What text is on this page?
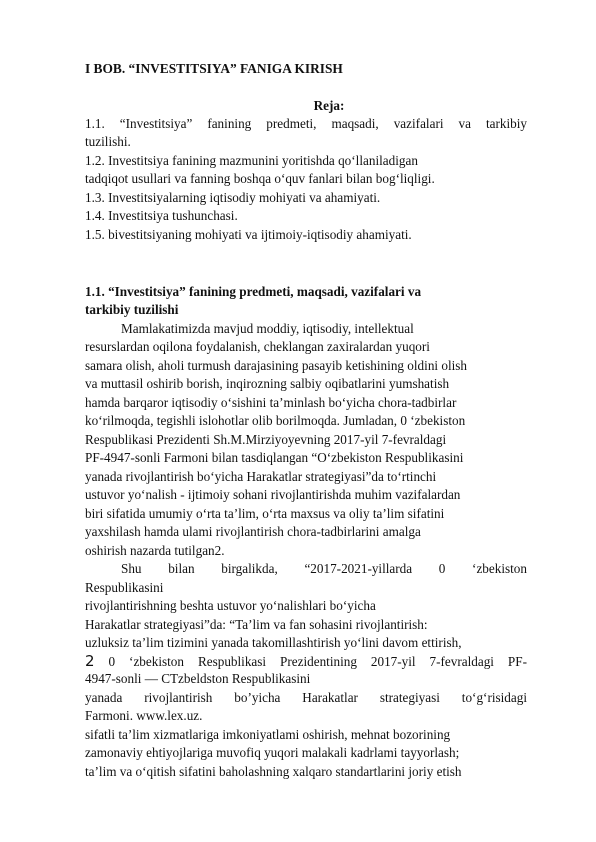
I BOB. “INVESTITSIYA” FANIGA KIRISH
Reja:
1.1. “Investitsiya” fanining predmeti, maqsadi, vazifalari va tarkibiy
tuzilishi.
1.2. Investitsiya fanining mazmunini yoritishda qo‘llaniladigan
tadqiqot usullari va fanning boshqa o‘quv fanlari bilan bog‘liqligi.
1.3. Investitsiyalarning iqtisodiy mohiyati va ahamiyati.
1.4. Investitsiya tushunchasi.
1.5. bivestitsiyaning mohiyati va ijtimoiy-iqtisodiy ahamiyati.
1.1. “Investitsiya” fanining predmeti, maqsadi, vazifalari va
tarkibiy tuzilishi
Mamlakatimizda mavjud moddiy, iqtisodiy, intellektual
resurslardan oqilona foydalanish, cheklangan zaxiralardan yuqori
samara olish, aholi turmush darajasining pasayib ketishining oldini olish
va muttasil oshirib borish, inqirozning salbiy oqibatlarini yumshatish
hamda barqaror iqtisodiy o‘sishini ta’minlash bo‘yicha chora-tadbirlar
ko‘rilmoqda, tegishli islohotlar olib borilmoqda. Jumladan, 0 ‘zbekiston
Respublikasi Prezidenti Sh.M.Mirziyoyevning 2017-yil 7-fevraldagi
PF-4947-sonli Farmoni bilan tasdiqlangan “O‘zbekiston Respublikasini
yanada rivojlantirish bo‘yicha Harakatlar strategiyasi”da to‘rtinchi
ustuvor yo‘nalish - ijtimoiy sohani rivojlantirishda muhim vazifalardan
biri sifatida umumiy o‘rta ta’lim, o‘rta maxsus va oliy ta’lim sifatini
yaxshilash hamda ulami rivojlantirish chora-tadbirlarini amalga
oshirish nazarda tutilgan2.
Shu bilan birgalikda, “2017-2021-yillarda 0 ‘zbekiston
Respublikasini
rivojlantirishning beshta ustuvor yo‘nalishlari bo‘yicha
Harakatlar strategiyasi”da: “Ta’lim va fan sohasini rivojlantirish:
uzluksiz ta’lim tizimini yanada takomillashtirish yo‘lini davom ettirish,
2 0 ‘zbekiston Respublikasi Prezidentining 2017-yil 7-fevraldagi PF-
4947-sonli — CTzbeldston Respublikasini
yanada rivojlantirish bo’yicha Harakatlar strategiyasi to‘g‘risidagi
Farmoni. www.lex.uz.
sifatli ta’lim xizmatlariga imkoniyatlami oshirish, mehnat bozorining
zamonaviy ehtiyojlariga muvofiq yuqori malakali kadrlami tayyorlash;
ta’lim va o‘qitish sifatini baholashning xalqaro standartlarini joriy etish
